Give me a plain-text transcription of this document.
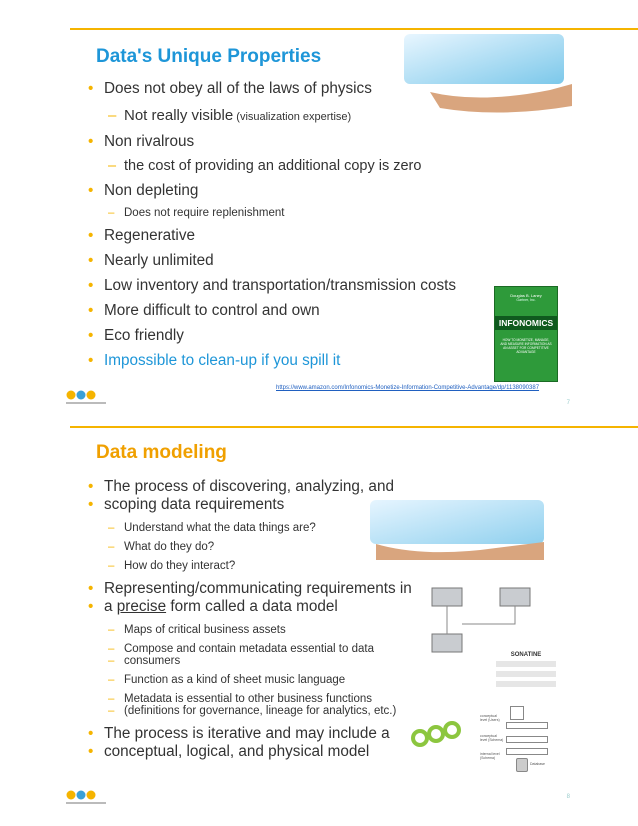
Data's Unique Properties
• Does not obey all of the laws of physics
– Not really visible (visualization expertise)
• Non rivalrous
– the cost of providing an additional copy is zero
• Non depleting
– Does not require replenishment
• Regenerative
• Nearly unlimited
• Low inventory and transportation/transmission costs
• More difficult to control and own
• Eco friendly
• Impossible to clean-up if you spill it
Douglas B. Laney
Gartner, Inc.
INFONOMICS
HOW TO MONETIZE, MANAGE, AND MEASURE INFORMATION AS AN ASSET FOR COMPETITIVE ADVANTAGE
https://www.amazon.com/Infonomics-Monetize-Information-Competitive-Advantage/dp/1138090387
7
Data modeling
• The process of discovering, analyzing, and
• scoping data requirements
– Understand what the data things are?
– What do they do?
– How do they interact?
• Representing/communicating requirements in
• a precise form called a data model
– Maps of critical business assets
– Compose and contain metadata essential to data
– consumers
– Function as a kind of sheet music language
– Metadata is essential to other business functions
– (definitions for governance, lineage for analytics, etc.)
• The process is iterative and may include a
• conceptual, logical, and physical model
SONATINE
conceptual level (Users)
conceptual level (Schema)
internal level (Schema)
Database
8
